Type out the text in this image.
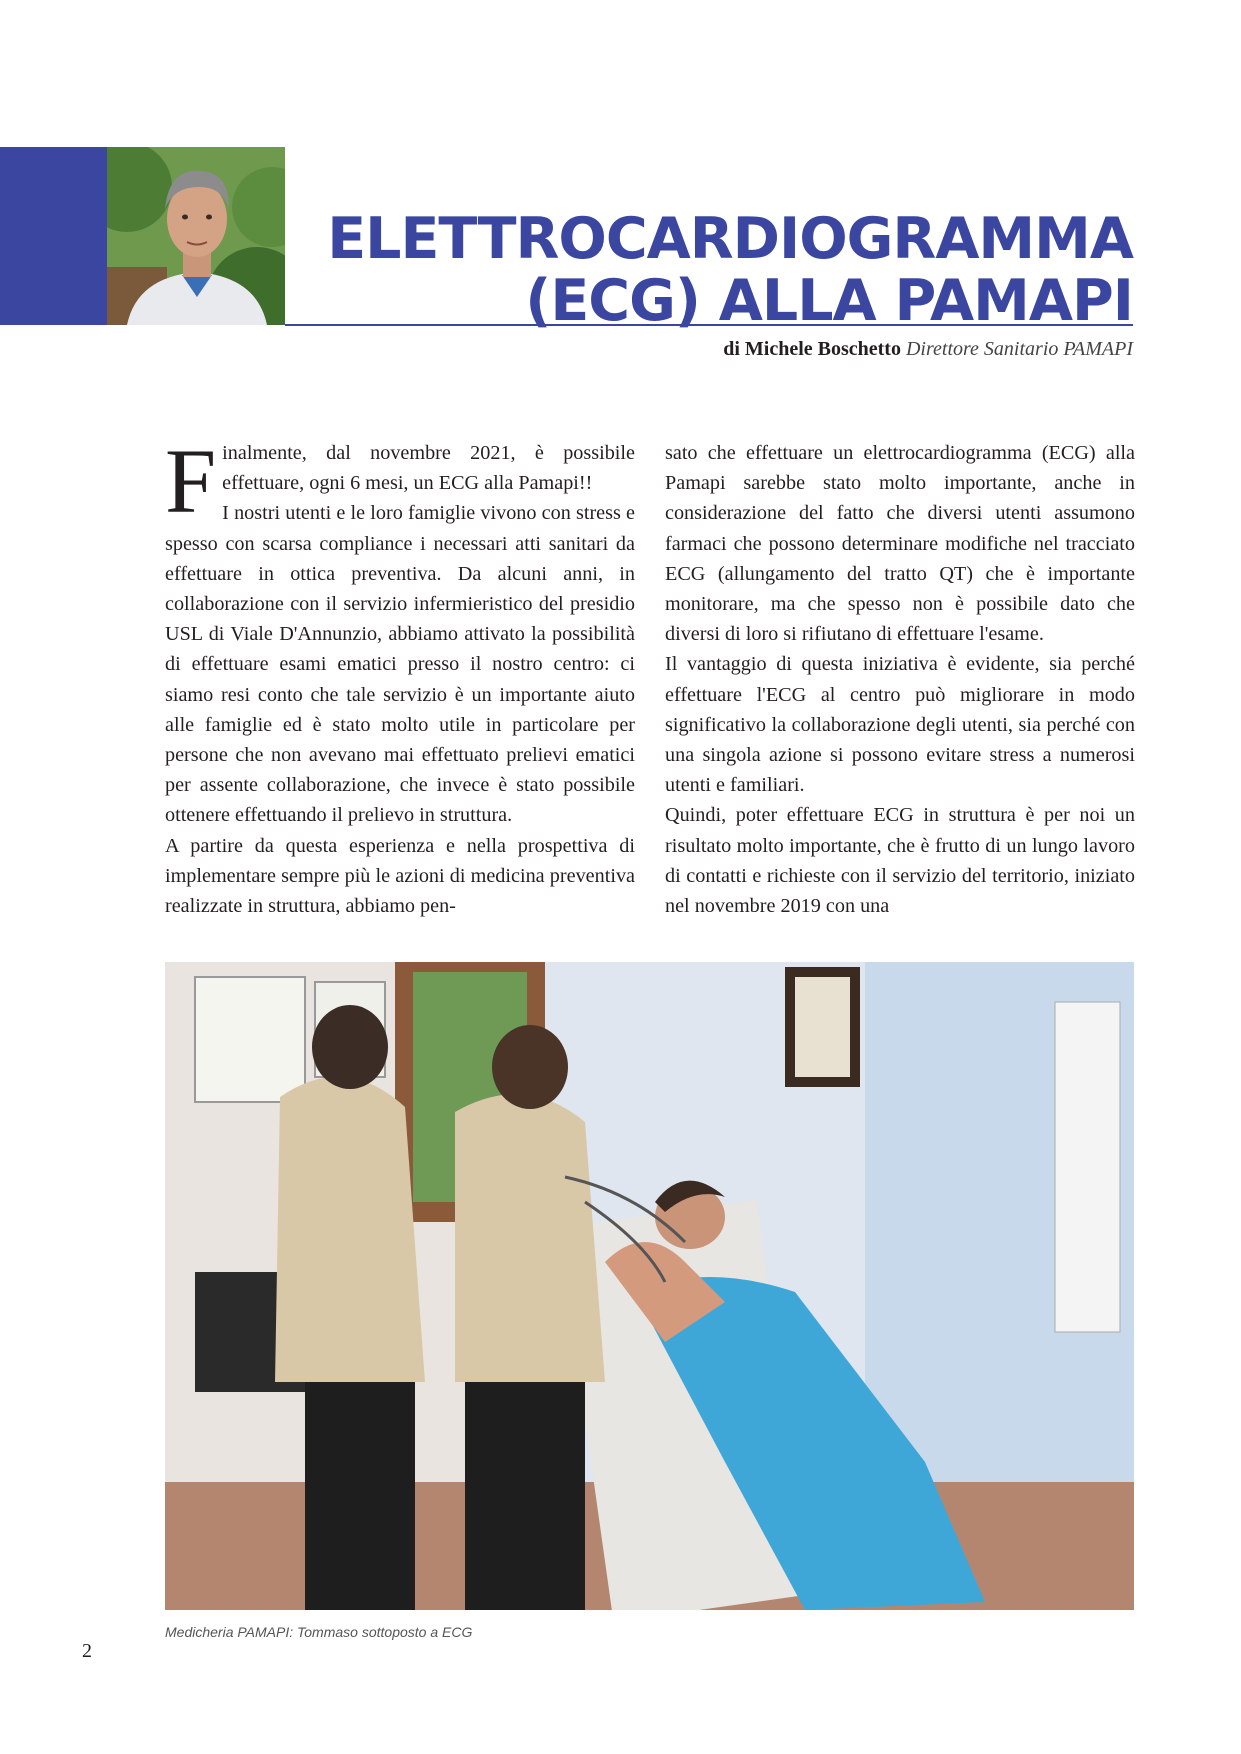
ELETTROCARDIOGRAMMA
(ECG) ALLA PAMAPI
di Michele Boschetto Direttore Sanitario PAMAPI

Finalmente, dal novembre 2021, è possibile effettuare, ogni 6 mesi, un ECG alla Pamapi!!

I nostri utenti e le loro famiglie vivono con stress e spesso con scarsa compliance i necessari atti sanitari da effettuare in ottica preventiva. Da alcuni anni, in collaborazione con il servizio infermieristico del presidio USL di Viale D'Annunzio, abbiamo attivato la possibilità di effettuare esami ematici presso il nostro centro: ci siamo resi conto che tale servizio è un importante aiuto alle famiglie ed è stato molto utile in particolare per persone che non avevano mai effettuato prelievi ematici per assente collaborazione, che invece è stato possibile ottenere effettuando il prelievo in struttura.

A partire da questa esperienza e nella prospettiva di implementare sempre più le azioni di medicina preventiva realizzate in struttura, abbiamo pen-

sato che effettuare un elettrocardiogramma (ECG) alla Pamapi sarebbe stato molto importante, anche in considerazione del fatto che diversi utenti assumono farmaci che possono determinare modifiche nel tracciato ECG (allungamento del tratto QT) che è importante monitorare, ma che spesso non è possibile dato che diversi di loro si rifiutano di effettuare l'esame.

Il vantaggio di questa iniziativa è evidente, sia perché effettuare l'ECG al centro può migliorare in modo significativo la collaborazione degli utenti, sia perché con una singola azione si possono evitare stress a numerosi utenti e familiari.

Quindi, poter effettuare ECG in struttura è per noi un risultato molto importante, che è frutto di un lungo lavoro di contatti e richieste con il servizio del territorio, iniziato nel novembre 2019 con una

Medicheria PAMAPI: Tommaso sottoposto a ECG
2
